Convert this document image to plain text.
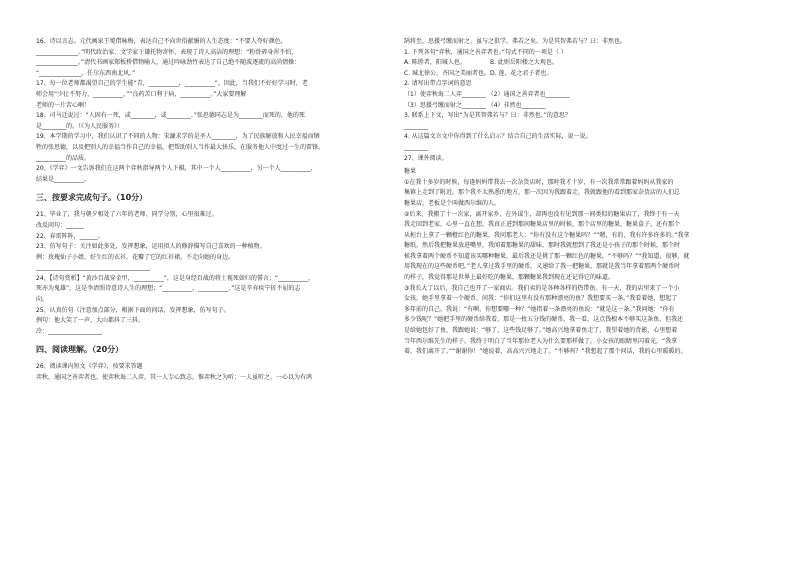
16、诗以言志。元代画家王冕借咏梅，表达自己不向世俗献媚的人生态度：“不要人夸好颜色，
______________。”明代政治家、文学家于谦托物寄怀，表现了诗人高洁的理想：“粉骨碎身浑不怕，
______________。”清代书画家郑板桥借物喻人，通过吟咏劲竹表达了自己绝不随波逐流的高尚情操：
“______________，任尔东西南北风。”
17、每一位老师都渴望自己的学生能“青，__________，__________”。因此，当我们不好好学习时，老
师会用“少壮不努力，__________。”“良药苦口利于病，__________。”大家要理解
老师的一片苦心啊！
18、司马迁说过：“人固有一死，或________，或________。”张思德同志是为________而死的，他的死
是________的。（《为人民服务》）
19、本学期的学习中，我们认识了不同的人物：宋濂求学的是圣人________，为了民族解放和人民幸福而牺
牲的张思德，以及把别人的幸福当作自己的幸福，把帮助别人当作最大快乐，在服务他人中度过一生的雷锋。
__________的品质。
20、《学弈》一文告诉我们在这两个弈秋指导两个人下棋，其中一个人__________，另一个人__________，
结果是__________。
三、按要求完成句子。（10分）
21、毕业了，我与朝夕相处了六年的老师、同学分别，心里很难过。
改反问句：______
22、春雷阵阵，______。
23、仿写句子：关注如此多处，发挥想象，运用拟人的修辞描写自己喜欢的一种植物。
例：玫瑰仙子小姐，好生红的衣衫，花瓣了它的红衫裙，不走向她的身边。
______________________________________
24、【诗句赏析】“黄沙百战穿金甲，__________”，这是身经百战的将士视死如归的誓言；“__________，
死亦为鬼雄”，这是李清照诗意诗人生的理想；“__________，__________，”这是辛弃疾宁折不屈的志
向。
25、认真仿句（注意加点部分，根据下面的问话，发挥想象，仿写句子。
例句：他大笑了一声，大山都抖了三抖。
冷：__________________
四、阅读理解。（20分）
26、阅读课内短文《学弈》，按要求答题
弈秋，通国之善弈者也。使弈秋诲二人弈，其一人专心致志，惟弈秋之为听；一人虽听之，一心以为有鸿
鹄将至，思援弓缴而射之。虽与之俱学，弗若之矣。为是其智弗若与？曰：非然也。
1. 下列各句“弈秋，通国之善弈者也。”句式不同的一项是（ ）
A. 陈胜者，阳城人也。	B. 此则岳阳楼之大观也。
C. 城北徐公，齐国之美丽者也。D. 莲，花之君子者也。
2. 请写出带点字词的意思
（1）使弈秋诲二人弈________ （2）通国之善弈者也________
（3）思援弓缴而射之________ （4）非然也________
3. 联系上下文，写出“为是其智弗若与？曰：非然也。”的意思？
________
4. 从这篇文言文中你得到了什么启示？结合自己的生活实际，说一说。
________
27、课外阅读。
糖果
①在我十多岁的时候，每逢妈妈带我去一次杂货店时，那时我才十岁，有一次我常常跟着妈妈从我家的
集镇上走到了附近，那个我不太熟悉的地方，那一次因为我跟着走，我就跟他的看到那家杂货店的人们总
糖果店，老板是个叫做西尔维的人。
②后来，我搬了十一次家，离开家乡，在外谋生，却再也没有见到那一间类似的糖果店了，我终于有一天
我走回到老家，心里一直在想，我真正进到那间糖果店里的时候，那个店里的糖果、糖果盒子，还有那个
从柜台上拿了一颗橙红色的糖果，我问那老人：“你有没有这个糖果吗？”“嗯，有的，我有许多许多的。”我拿
糖纸，然后我把糖果放进嘴里，我闻着那糖果的甜味，那时我就想到了我还是小孩子的那个时候，那个时
候我拿着两个硬币不知道该买哪种糖果，最后我还是挑了那一颗红色的糖果。“不够吗？”“我知道，很够，就
用我现在的这些硬币吧。”老人拿过我手里的硬币，又递给了我一把糖果，那就是我当年拿着那两个硬币时
的样子，我觉得那是世界上最好吃的糖果，那颗糖果我到现在还记得它的味道。
③我长大了以后，我自己也开了一家商店。我们卖的是各种各样的热带鱼。有一天，我的店里来了一个小
女孩，她手里拿着一个硬币，问我：“你们这里有没有那种漂亮的鱼？我想要买一条。”我看着她，想起了
多年前的自己。我说：“有啊，你想要哪一种？”她指着一条漂亮的鱼说：“就是这一条。”我问她：“你有
多少钱呢？”她把手里的硬币给我看，那是一枚五分钱的硬币。我一看，这点钱根本不够买这条鱼，但我还
是给她包好了鱼，我跟她说：“够了，这些钱足够了。”她高兴地拿着鱼走了，我望着她的背影，心里想着
当年西尔维先生的样子。我终于明白了当年那位老人为什么要那样做了。小女孩的眼睛里闪着光，“我拿
着，我们离开了。”“谢谢你！”她说着，高高兴兴地走了。“不够吗？”我想起了那个问话，我的心里暖暖的。
